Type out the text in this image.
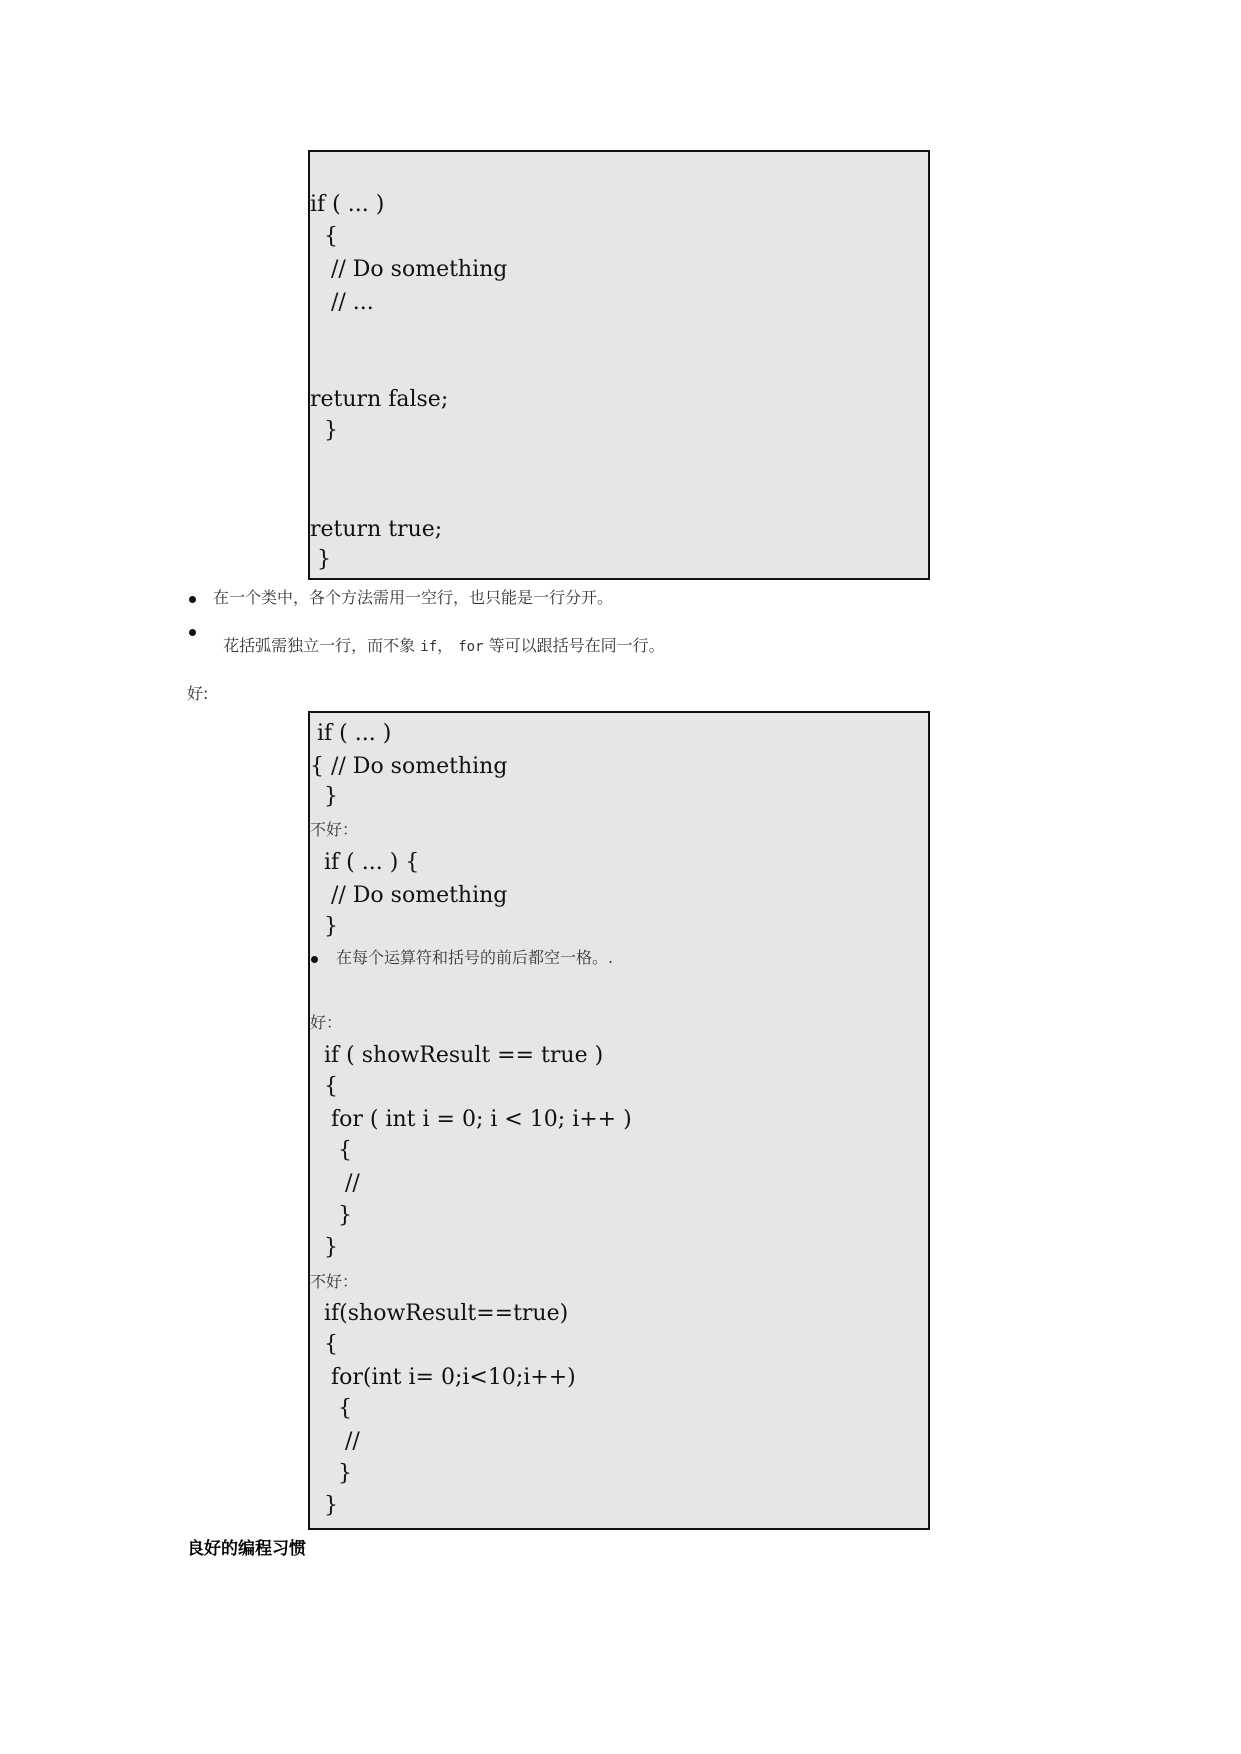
if ( ... )
{
// Do something
// ...
return false;
}
return true;
}
在一个类中，各个方法需用一空行，也只能是一行分开。

花括弧需独立一行，而不象 if， for 等可以跟括号在同一行。

好:
if ( ... )
{ // Do something
}
不好：
if ( ... ) {
// Do something
}
在每个运算符和括号的前后都空一格。.
好：
if ( showResult == true )
{
for ( int i = 0; i < 10; i++ )
{
//
}
}
不好：
if(showResult==true)
{
for(int i= 0;i<10;i++)
{
//
}
}
良好的编程习惯
